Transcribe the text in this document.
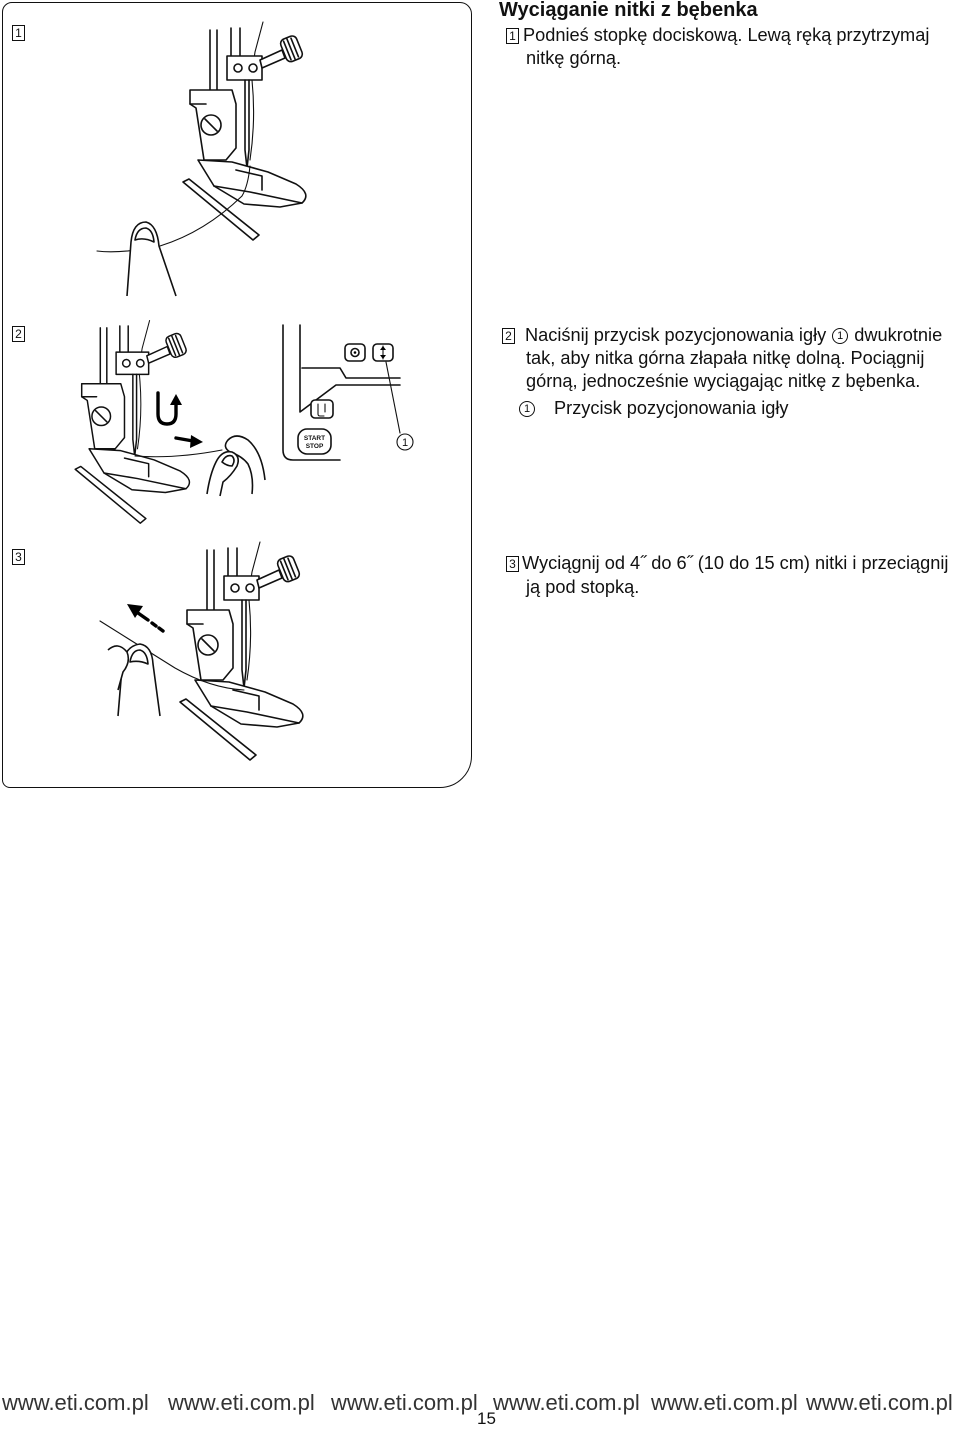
START
STOP	1
1
2
3
Wyciąganie nitki z bębenka
1 Podnieś stopkę dociskową. Lewą ręką przytrzymaj
nitkę górną.
2 Naciśnij przycisk pozycjonowania igły 1 dwukrotnie
tak, aby nitka górna złapała nitkę dolną. Pociągnij
górną, jednocześnie wyciągając nitkę z bębenka.
1 Przycisk pozycjonowania igły
3 Wyciągnij od 4˝ do 6˝ (10 do 15 cm) nitki i przeciągnij
ją pod stopką.
www.eti.com.pl www.eti.com.pl www.eti.com.pl www.eti.com.pl www.eti.com.pl www.eti.com.pl
15
